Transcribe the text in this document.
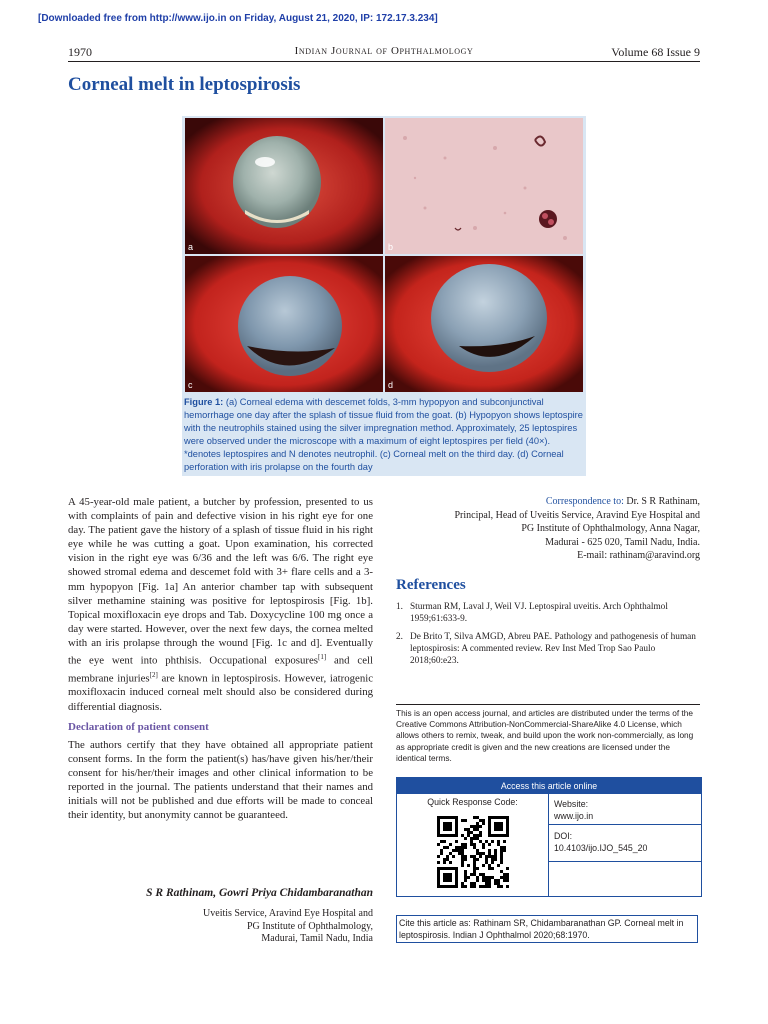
[Downloaded free from http://www.ijo.in on Friday, August 21, 2020, IP: 172.17.3.234]
1970	Indian Journal of Ophthalmology	Volume 68 Issue 9
Corneal melt in leptospirosis
a	b
c	d
Figure 1: (a) Corneal edema with descemet folds, 3-mm hypopyon and subconjunctival hemorrhage one day after the splash of tissue fluid from the goat. (b) Hypopyon shows leptospire with the neutrophils stained using the silver impregnation method. Approximately, 25 leptospires were observed under the microscope with a maximum of eight leptospires per field (40×). *denotes leptospires and N denotes neutrophil. (c) Corneal melt on the third day. (d) Corneal perforation with iris prolapse on the fourth day
A 45-year-old male patient, a butcher by profession, presented to us with complaints of pain and defective vision in his right eye for one day. The patient gave the history of a splash of tissue fluid in his right eye while he was cutting a goat. Upon examination, his corrected vision in the right eye was 6/36 and the left was 6/6. The right eye showed stromal edema and descemet fold with 3+ flare cells and a 3-mm hypopyon [Fig. 1a] An anterior chamber tap with subsequent silver methamine staining was positive for leptospirosis [Fig. 1b]. Topical moxifloxacin eye drops and Tab. Doxycycline 100 mg once a day were started. However, over the next few days, the cornea melted with an iris prolapse through the wound [Fig. 1c and d]. Eventually the eye went into phthisis. Occupational exposures[1] and cell membrane injuries[2] are known in leptospirosis. However, iatrogenic moxifloxacin induced corneal melt should also be considered during differential diagnosis.
Declaration of patient consent
The authors certify that they have obtained all appropriate patient consent forms. In the form the patient(s) has/have given his/her/their consent for his/her/their images and other clinical information to be reported in the journal. The patients understand that their names and initials will not be published and due efforts will be made to conceal their identity, but anonymity cannot be guaranteed.
S R Rathinam, Gowri Priya Chidambaranathan
Uveitis Service, Aravind Eye Hospital and
PG Institute of Ophthalmology,
Madurai, Tamil Nadu, India
Correspondence to: Dr. S R Rathinam,
Principal, Head of Uveitis Service, Aravind Eye Hospital and
PG Institute of Ophthalmology, Anna Nagar,
Madurai - 625 020, Tamil Nadu, India.
E-mail: rathinam@aravind.org
References
1. Sturman RM, Laval J, Weil VJ. Leptospiral uveitis. Arch Ophthalmol 1959;61:633-9.
2. De Brito T, Silva AMGD, Abreu PAE. Pathology and pathogenesis of human leptospirosis: A commented review. Rev Inst Med Trop Sao Paulo 2018;60:e23.
This is an open access journal, and articles are distributed under the terms of the Creative Commons Attribution-NonCommercial-ShareAlike 4.0 License, which allows others to remix, tweak, and build upon the work non-commercially, as long as appropriate credit is given and the new creations are licensed under the identical terms.
Access this article online
Quick Response Code:	Website:
www.ijo.in
DOI:
10.4103/ijo.IJO_545_20
Cite this article as: Rathinam SR, Chidambaranathan GP. Corneal melt in leptospirosis. Indian J Ophthalmol 2020;68:1970.
